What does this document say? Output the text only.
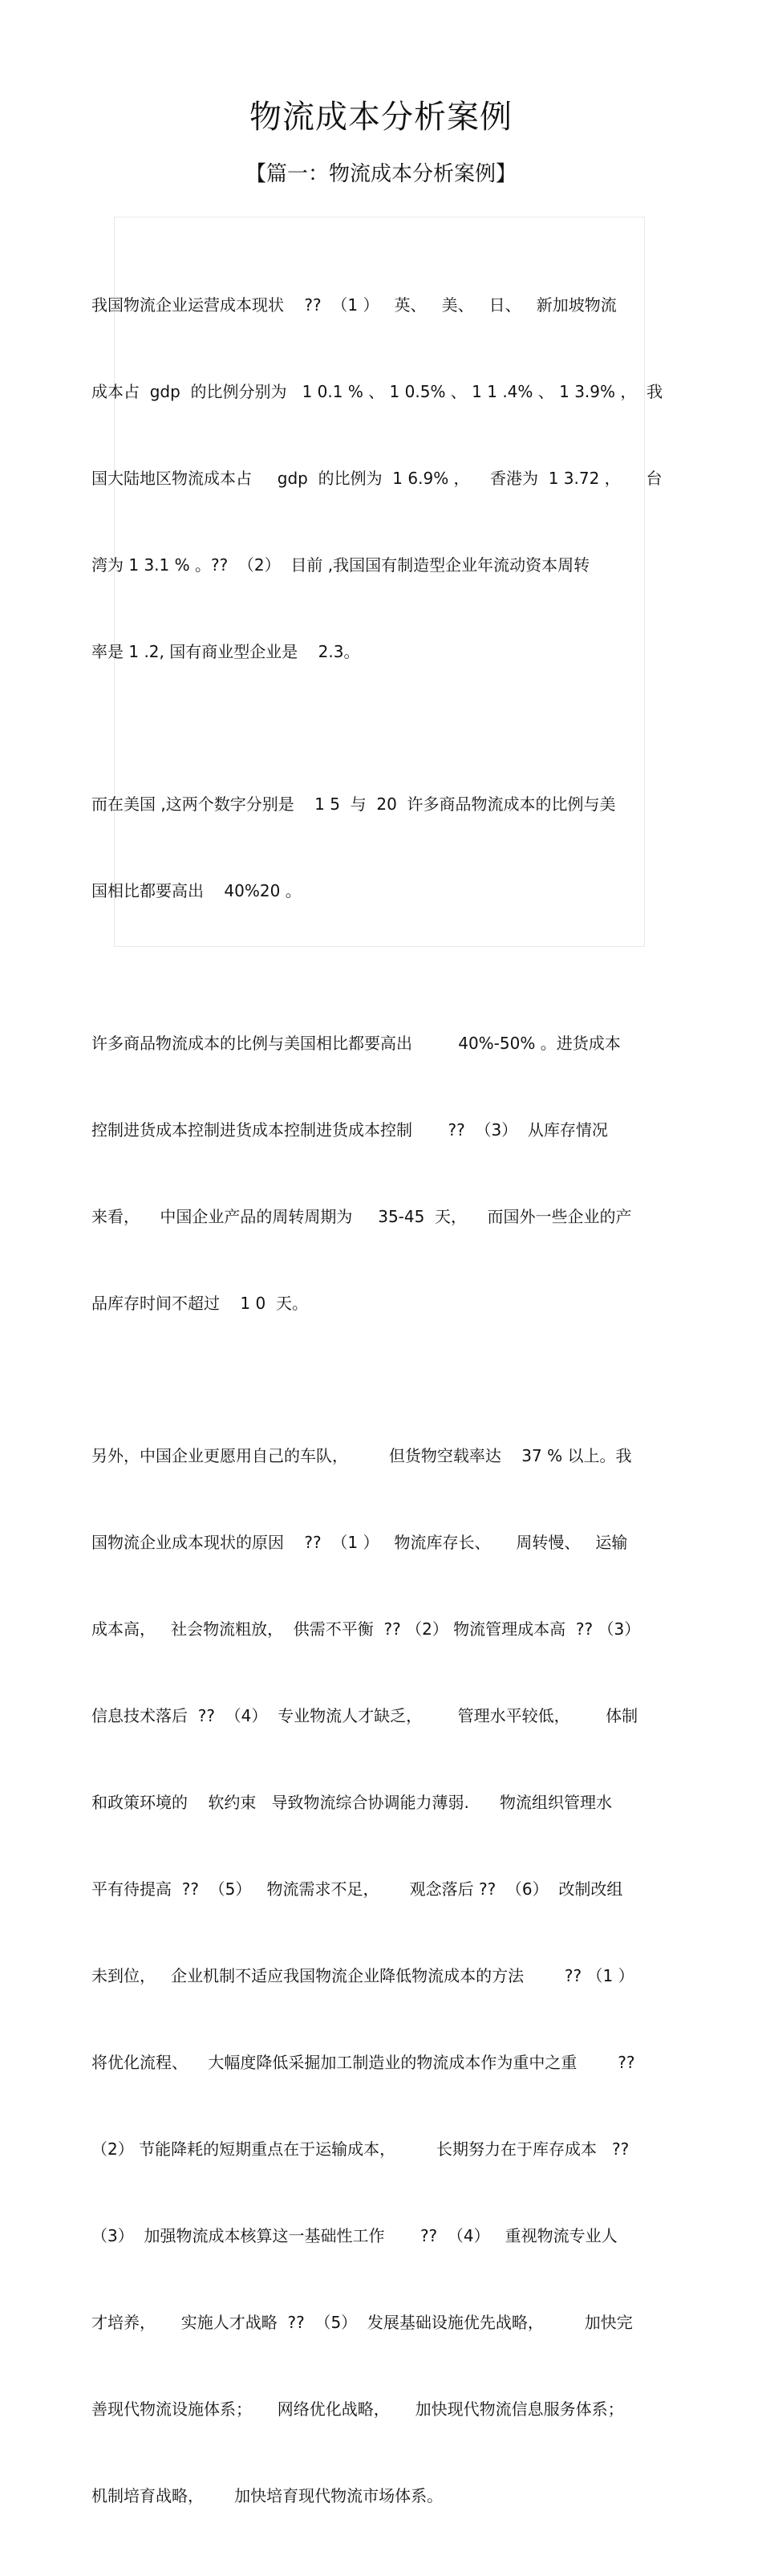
物流成本分析案例
【篇一：物流成本分析案例】

我国物流企业运营成本现状    ??  （1 ）   英、   美、   日、   新加坡物流

成本占  gdp  的比例分别为   1 0.1 % 、 1 0.5% 、 1 1 .4% 、 1 3.9% ，  我

国大陆地区物流成本占     gdp  的比例为  1 6.9% ，    香港为  1 3.72 ，     台

湾为 1 3.1 % 。??  （2）  目前 ,我国国有制造型企业年流动资本周转

率是 1 .2, 国有商业型企业是    2.3。

而在美国 ,这两个数字分别是    1 5  与  20  许多商品物流成本的比例与美

国相比都要高出    40%20 。

许多商品物流成本的比例与美国相比都要高出         40%-50% 。进货成本

控制进货成本控制进货成本控制进货成本控制       ??  （3）  从库存情况

来看，    中国企业产品的周转周期为     35-45  天，    而国外一些企业的产

品库存时间不超过    1 0  天。

另外，中国企业更愿用自己的车队，        但货物空载率达    37 % 以上。我

国物流企业成本现状的原因    ??  （1 ）   物流库存长、     周转慢、   运输

成本高，   社会物流粗放，  供需不平衡  ?? （2） 物流管理成本高  ?? （3）

信息技术落后  ??  （4）  专业物流人才缺乏，       管理水平较低，       体制

和政策环境的    软约束   导致物流综合协调能力薄弱.      物流组织管理水

平有待提高  ??  （5）   物流需求不足，      观念落后 ??  （6）  改制改组

未到位，   企业机制不适应我国物流企业降低物流成本的方法        ?? （1 ）

将优化流程、    大幅度降低采掘加工制造业的物流成本作为重中之重        ??

（2） 节能降耗的短期重点在于运输成本，        长期努力在于库存成本   ??

（3）  加强物流成本核算这一基础性工作       ??  （4）   重视物流专业人

才培养，     实施人才战略  ??  （5）  发展基础设施优先战略，        加快完

善现代物流设施体系；     网络优化战略，     加快现代物流信息服务体系；

机制培育战略，      加快培育现代物流市场体系。
